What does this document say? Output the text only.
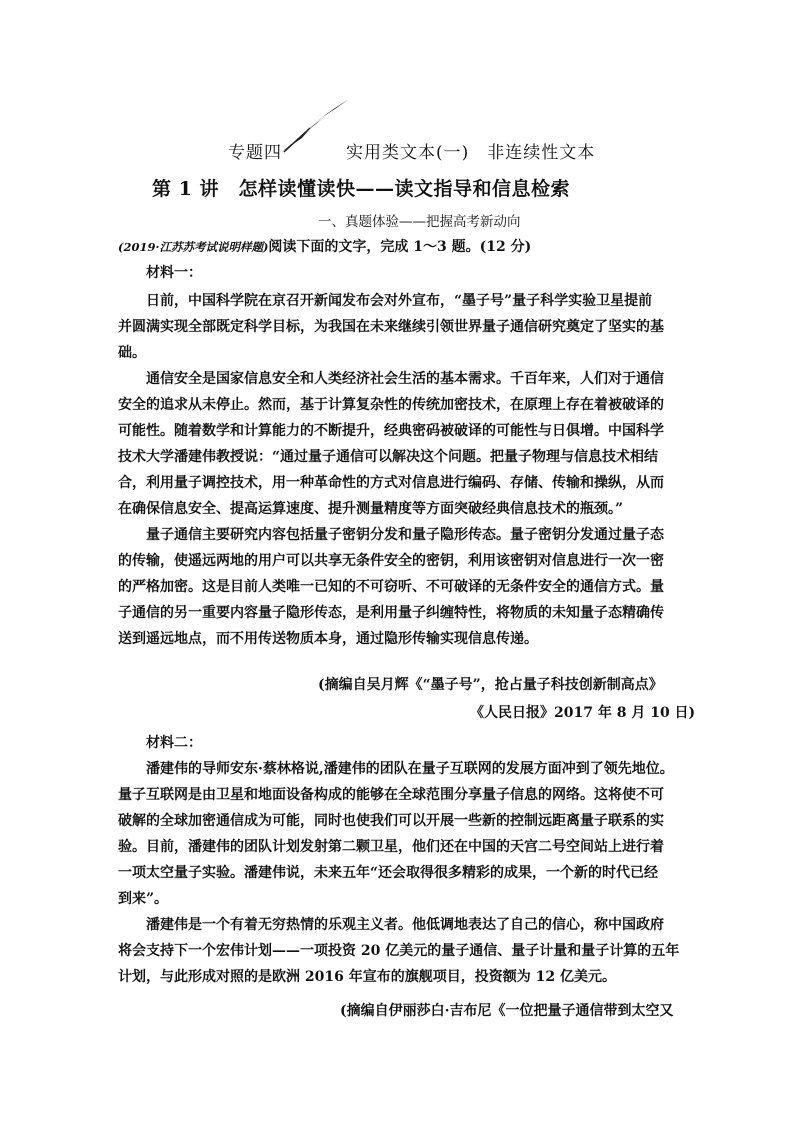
专题四	实用类文本(一)　非连续性文本
第 1 讲　怎样读懂读快——读文指导和信息检索
一、真题体验——把握高考新动向
(2019·江苏苏考试说明样题)阅读下面的文字，完成 1～3 题。(12 分)
材料一：
日前，中国科学院在京召开新闻发布会对外宣布，“墨子号”量子科学实验卫星提前
并圆满实现全部既定科学目标，为我国在未来继续引领世界量子通信研究奠定了坚实的基
础。
通信安全是国家信息安全和人类经济社会生活的基本需求。千百年来，人们对于通信
安全的追求从未停止。然而，基于计算复杂性的传统加密技术，在原理上存在着被破译的
可能性。随着数学和计算能力的不断提升，经典密码被破译的可能性与日俱增。中国科学
技术大学潘建伟教授说：“通过量子通信可以解决这个问题。把量子物理与信息技术相结
合，利用量子调控技术，用一种革命性的方式对信息进行编码、存储、传输和操纵，从而
在确保信息安全、提高运算速度、提升测量精度等方面突破经典信息技术的瓶颈。”
量子通信主要研究内容包括量子密钥分发和量子隐形传态。量子密钥分发通过量子态
的传输，使遥远两地的用户可以共享无条件安全的密钥，利用该密钥对信息进行一次一密
的严格加密。这是目前人类唯一已知的不可窃听、不可破译的无条件安全的通信方式。量
子通信的另一重要内容量子隐形传态，是利用量子纠缠特性，将物质的未知量子态精确传
送到遥远地点，而不用传送物质本身，通过隐形传输实现信息传递。
(摘编自吴月辉《“墨子号”，抢占量子科技创新制高点》
《人民日报》2017 年 8 月 10 日)
材料二：
潘建伟的导师安东·蔡林格说,潘建伟的团队在量子互联网的发展方面冲到了领先地位。
量子互联网是由卫星和地面设备构成的能够在全球范围分享量子信息的网络。这将使不可
破解的全球加密通信成为可能，同时也使我们可以开展一些新的控制远距离量子联系的实
验。目前，潘建伟的团队计划发射第二颗卫星，他们还在中国的天宫二号空间站上进行着
一项太空量子实验。潘建伟说，未来五年“还会取得很多精彩的成果，一个新的时代已经
到来”。
潘建伟是一个有着无穷热情的乐观主义者。他低调地表达了自己的信心，称中国政府
将会支持下一个宏伟计划——一项投资 20 亿美元的量子通信、量子计量和量子计算的五年
计划，与此形成对照的是欧洲 2016 年宣布的旗舰项目，投资额为 12 亿美元。
(摘编自伊丽莎白·吉布尼《一位把量子通信带到太空又
